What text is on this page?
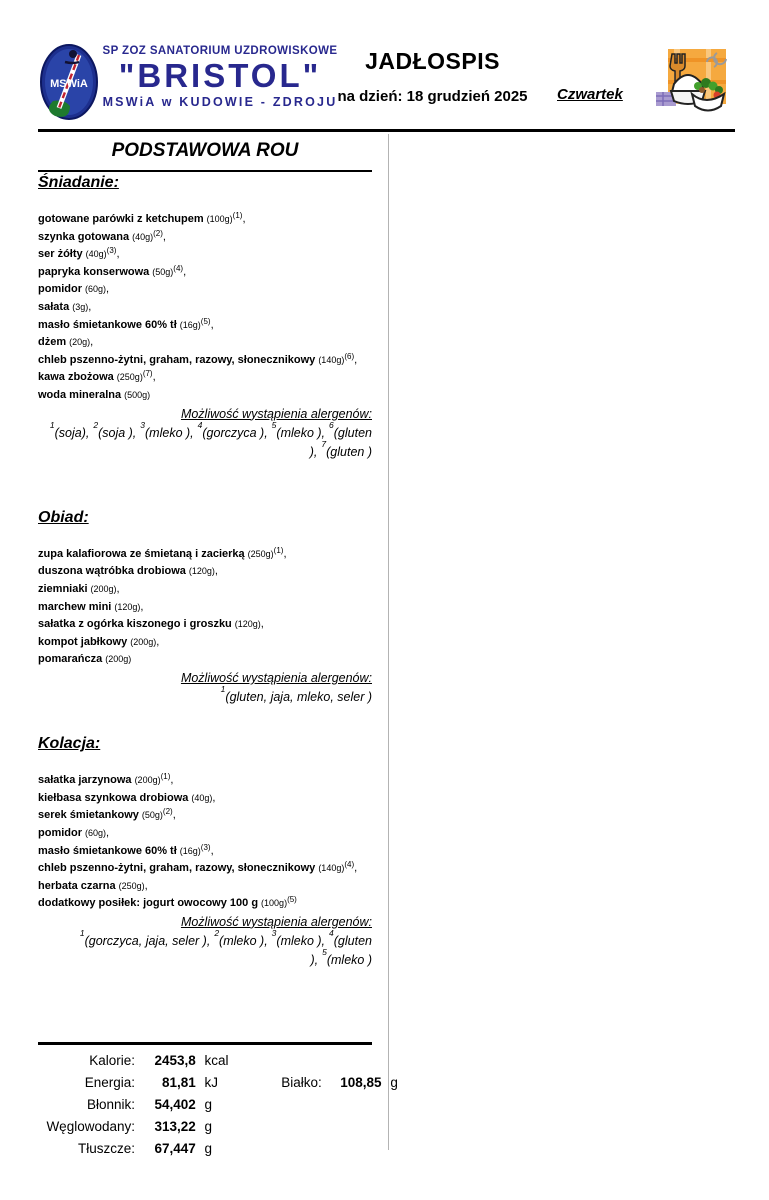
MSWiA
SP ZOZ SANATORIUM UZDROWISKOWE
"BRISTOL"
MSWiA w KUDOWIE - ZDROJU
JADŁOSPIS
na dzień: 18 grudzień 2025	Czwartek
PODSTAWOWA ROU
Śniadanie:
gotowane parówki z ketchupem $(100g)^{(1)}$,
szynka gotowana $(40g)^{(2)}$,
ser żółty $(40g)^{(3)}$,
papryka konserwowa $(50g)^{(4)}$,
pomidor (60g),
sałata (3g),
masło śmietankowe 60% tł $(16g)^{(5)}$,
dżem (20g),
chleb pszenno-żytni, graham, razowy, słonecznikowy $(140g)^{(6)}$,
kawa zbożowa $(250g)^{(7)}$,
woda mineralna (500g)
Możliwość wystąpienia alergenów:
$^1$(soja),$^2$(soja ),$^3$(mleko ),$^4$(gorczyca ),$^5$(mleko ),$^6$(gluten ),$^7$(gluten )
Obiad:
zupa kalafiorowa ze śmietaną i zacierką $(250g)^{(1)}$,
duszona wątróbka drobiowa (120g),
ziemniaki (200g),
marchew mini (120g),
sałatka z ogórka kiszonego i groszku (120g),
kompot jabłkowy (200g),
pomarańcza (200g)
Możliwość wystąpienia alergenów:
$^1$(gluten, jaja, mleko, seler )
Kolacja:
sałatka jarzynowa $(200g)^{(1)}$,
kiełbasa szynkowa drobiowa (40g),
serek śmietankowy $(50g)^{(2)}$,
pomidor (60g),
masło śmietankowe 60% tł $(16g)^{(3)}$,
chleb pszenno-żytni, graham, razowy, słonecznikowy $(140g)^{(4)}$,
herbata czarna (250g),
dodatkowy posiłek: jogurt owocowy 100 g $(100g)^{(5)}$
Możliwość wystąpienia alergenów:
$^1$(gorczyca, jaja, seler ),$^2$(mleko ),$^3$(mleko ),$^4$(gluten ),$^5$(mleko )
Kalorie: 2453,8 kcal
Energia: 81,81 kJ	Białko: 108,85 g
Błonnik: 54,402 g
Węglowodany: 313,22 g
Tłuszcze: 67,447 g
